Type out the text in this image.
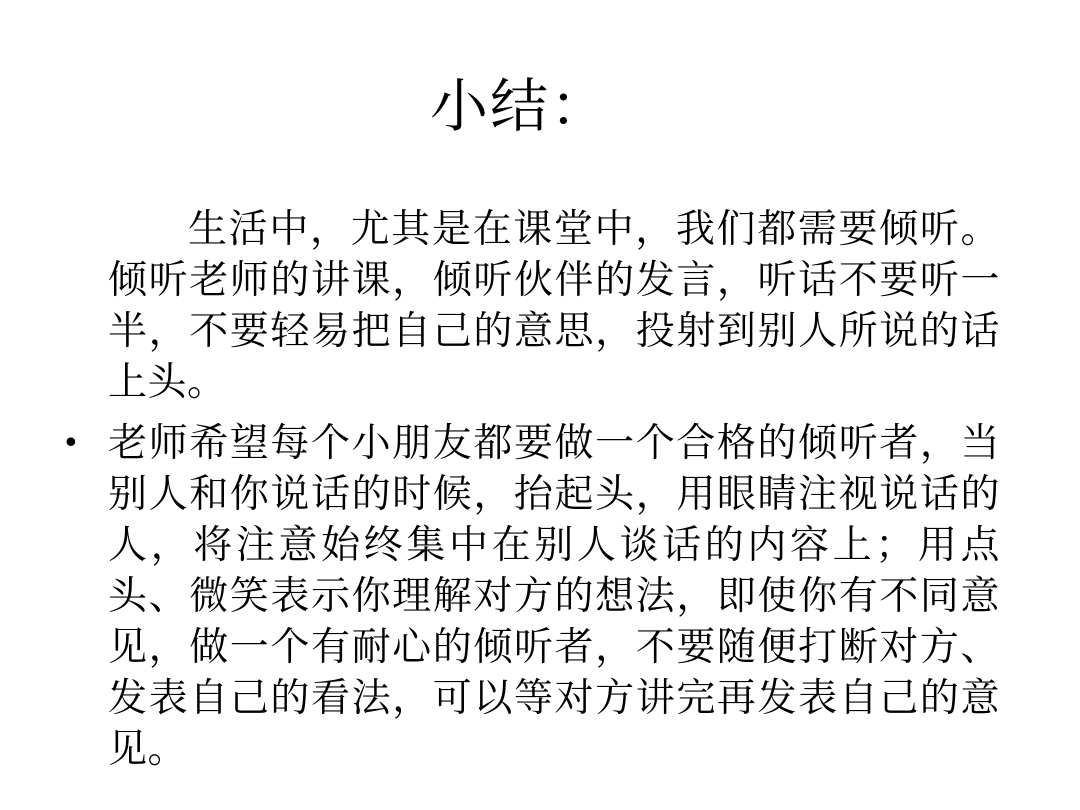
小结：
生活中，尤其是在课堂中，我们都需要倾听。倾听老师的讲课，倾听伙伴的发言，听话不要听一半，不要轻易把自己的意思，投射到别人所说的话上头。
• 老师希望每个小朋友都要做一个合格的倾听者，当别人和你说话的时候，抬起头，用眼睛注视说话的人，将注意始终集中在别人谈话的内容上；用点头、微笑表示你理解对方的想法，即使你有不同意见，做一个有耐心的倾听者，不要随便打断对方、发表自己的看法，可以等对方讲完再发表自己的意见。
